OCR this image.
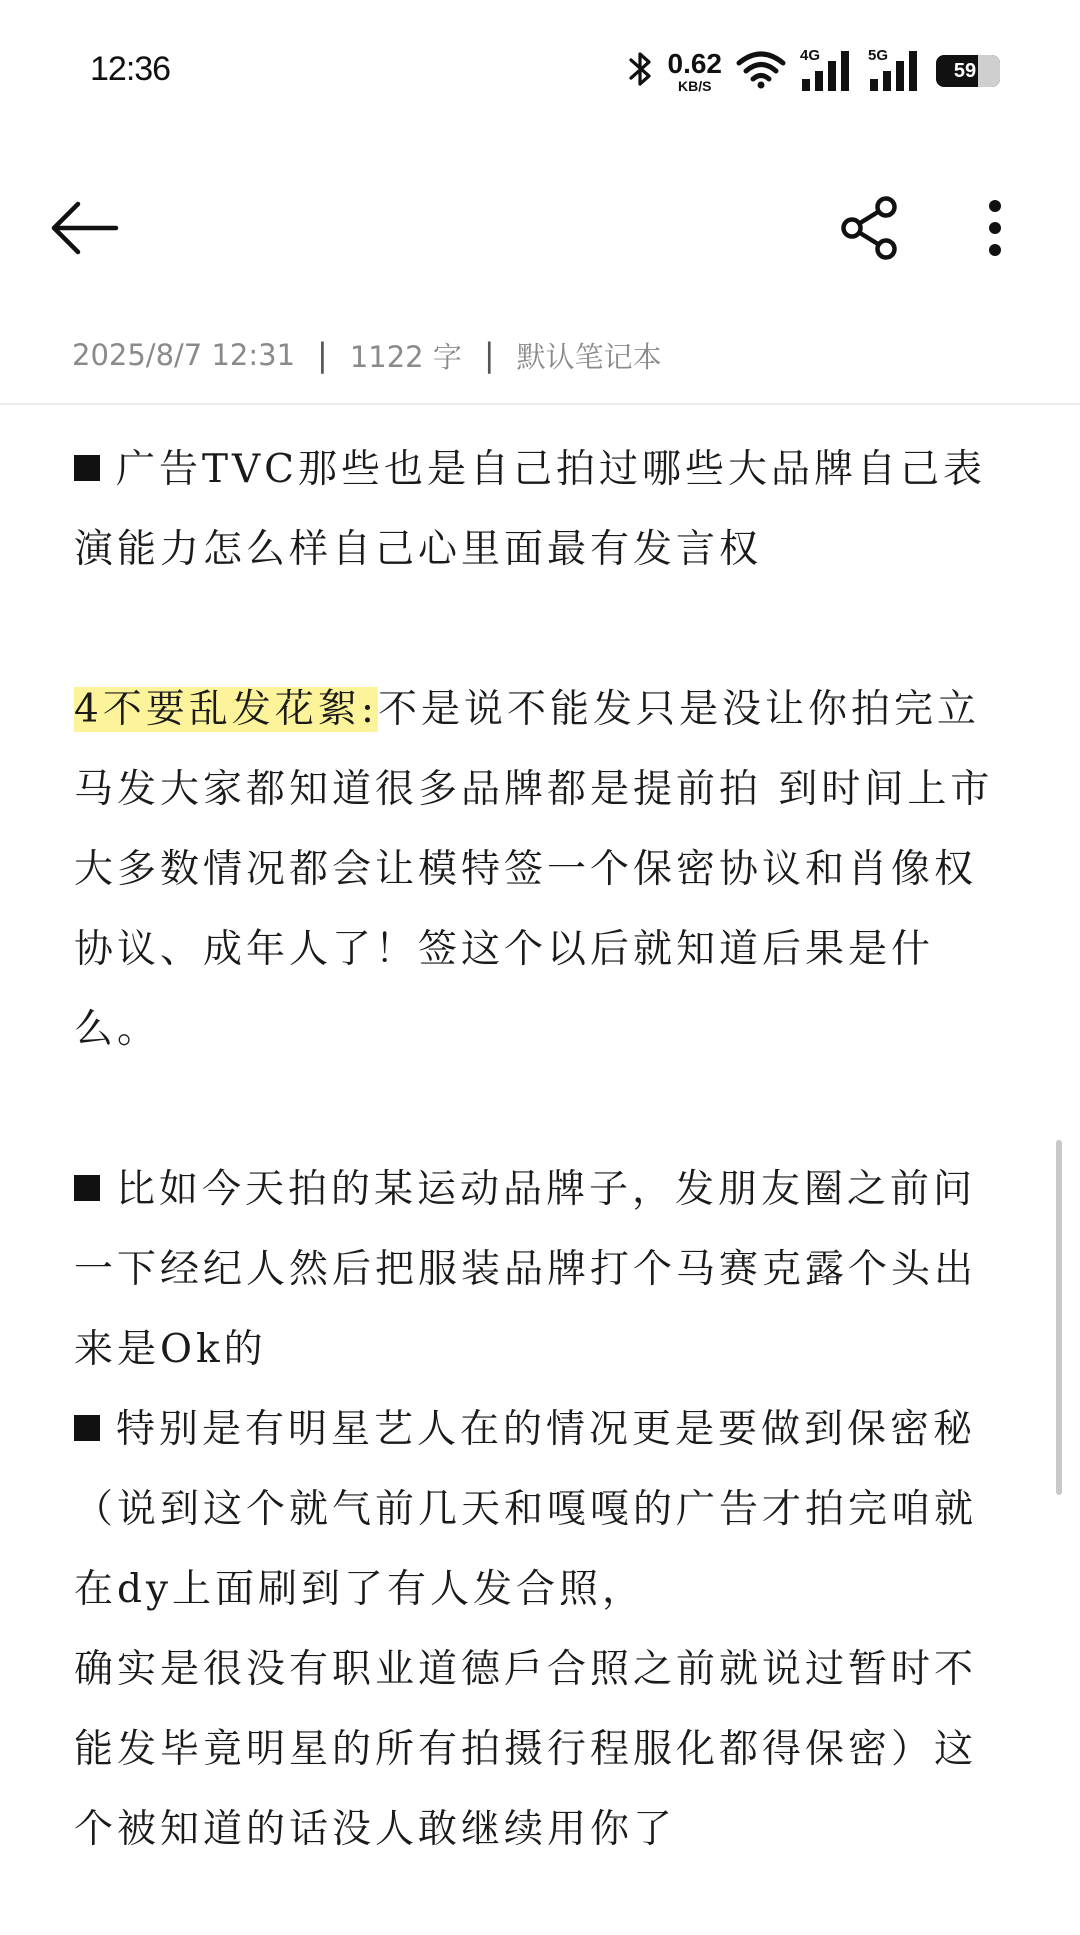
12:36	0.62
KB/S
4G	5G
59
2025/8/7 12:31 | 1122 字 | 默认笔记本

广告TVC那些也是自己拍过哪些大品牌自己表演能力怎么样自己心里面最有发言权

4不要乱发花絮:不是说不能发只是没让你拍完立马发大家都知道很多品牌都是提前拍 到时间上市大多数情况都会让模特签一个保密协议和肖像权协议、成年人了！签这个以后就知道后果是什么。

比如今天拍的某运动品牌子，发朋友圈之前问一下经纪人然后把服装品牌打个马赛克露个头出来是Ok的

特别是有明星艺人在的情况更是要做到保密秘（说到这个就气前几天和嘎嘎的广告才拍完咱就在dy上面刷到了有人发合照，

确实是很没有职业道德戶合照之前就说过暂时不能发毕竟明星的所有拍摄行程服化都得保密）这个被知道的话没人敢继续用你了
